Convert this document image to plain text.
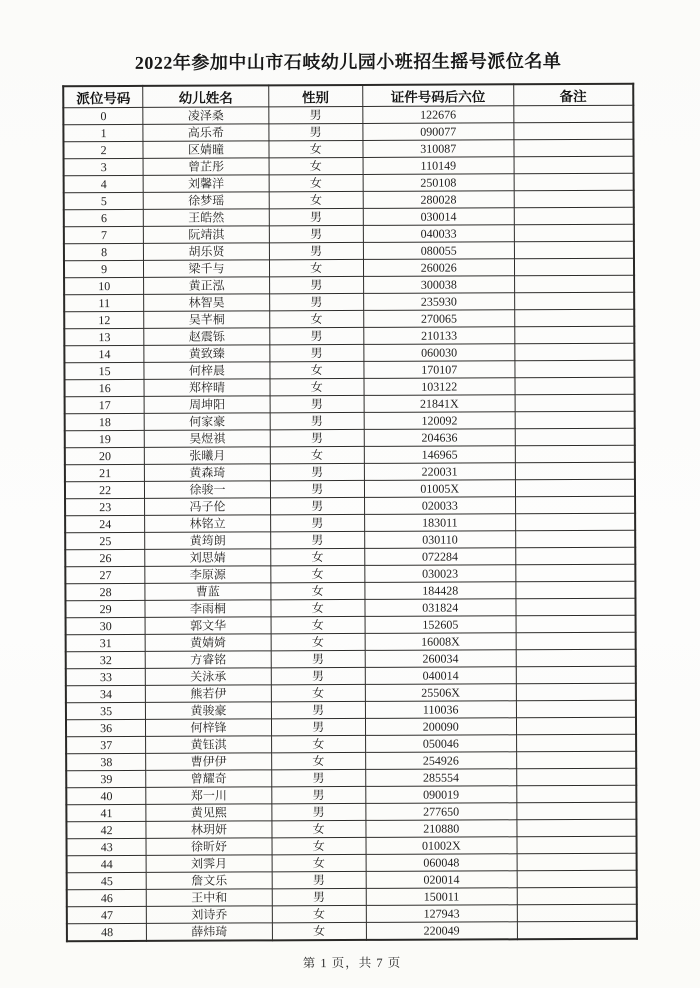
2022年参加中山市石岐幼儿园小班招生摇号派位名单
派位号码	幼儿姓名	性别	证件号码后六位	备注
0	凌泽桑	男	122676	
1	高乐希	男	090077	
2	区婧曈	女	310087	
3	曾芷彤	女	110149	
4	刘馨洋	女	250108	
5	徐梦瑶	女	280028	
6	王皓然	男	030014	
7	阮靖淇	男	040033	
8	胡乐贤	男	080055	
9	梁千与	女	260026	
10	黄正泓	男	300038	
11	林智昊	男	235930	
12	吴芊桐	女	270065	
13	赵震铄	男	210133	
14	黄致臻	男	060030	
15	何梓晨	女	170107	
16	郑梓晴	女	103122	
17	周坤阳	男	21841X	
18	何家豪	男	120092	
19	昊煜祺	男	204636	
20	张曦月	女	146965	
21	黄森琦	男	220031	
22	徐骏一	男	01005X	
23	冯子伦	男	020033	
24	林铭立	男	183011	
25	黄筠朗	男	030110	
26	刘思婧	女	072284	
27	李原源	女	030023	
28	曹蓝	女	184428	
29	李雨桐	女	031824	
30	郭文华	女	152605	
31	黄婧婍	女	16008X	
32	方睿铭	男	260034	
33	关泳承	男	040014	
34	熊若伊	女	25506X	
35	黄骏豪	男	110036	
36	何梓锋	男	200090	
37	黄钰淇	女	050046	
38	曹伊伊	女	254926	
39	曾耀奇	男	285554	
40	郑一川	男	090019	
41	黄见熙	男	277650	
42	林玥妍	女	210880	
43	徐昕妤	女	01002X	
44	刘霁月	女	060048	
45	詹文乐	男	020014	
46	王中和	男	150011	
47	刘诗乔	女	127943	
48	薛炜琦	女	220049	
第 1 页，共 7 页
